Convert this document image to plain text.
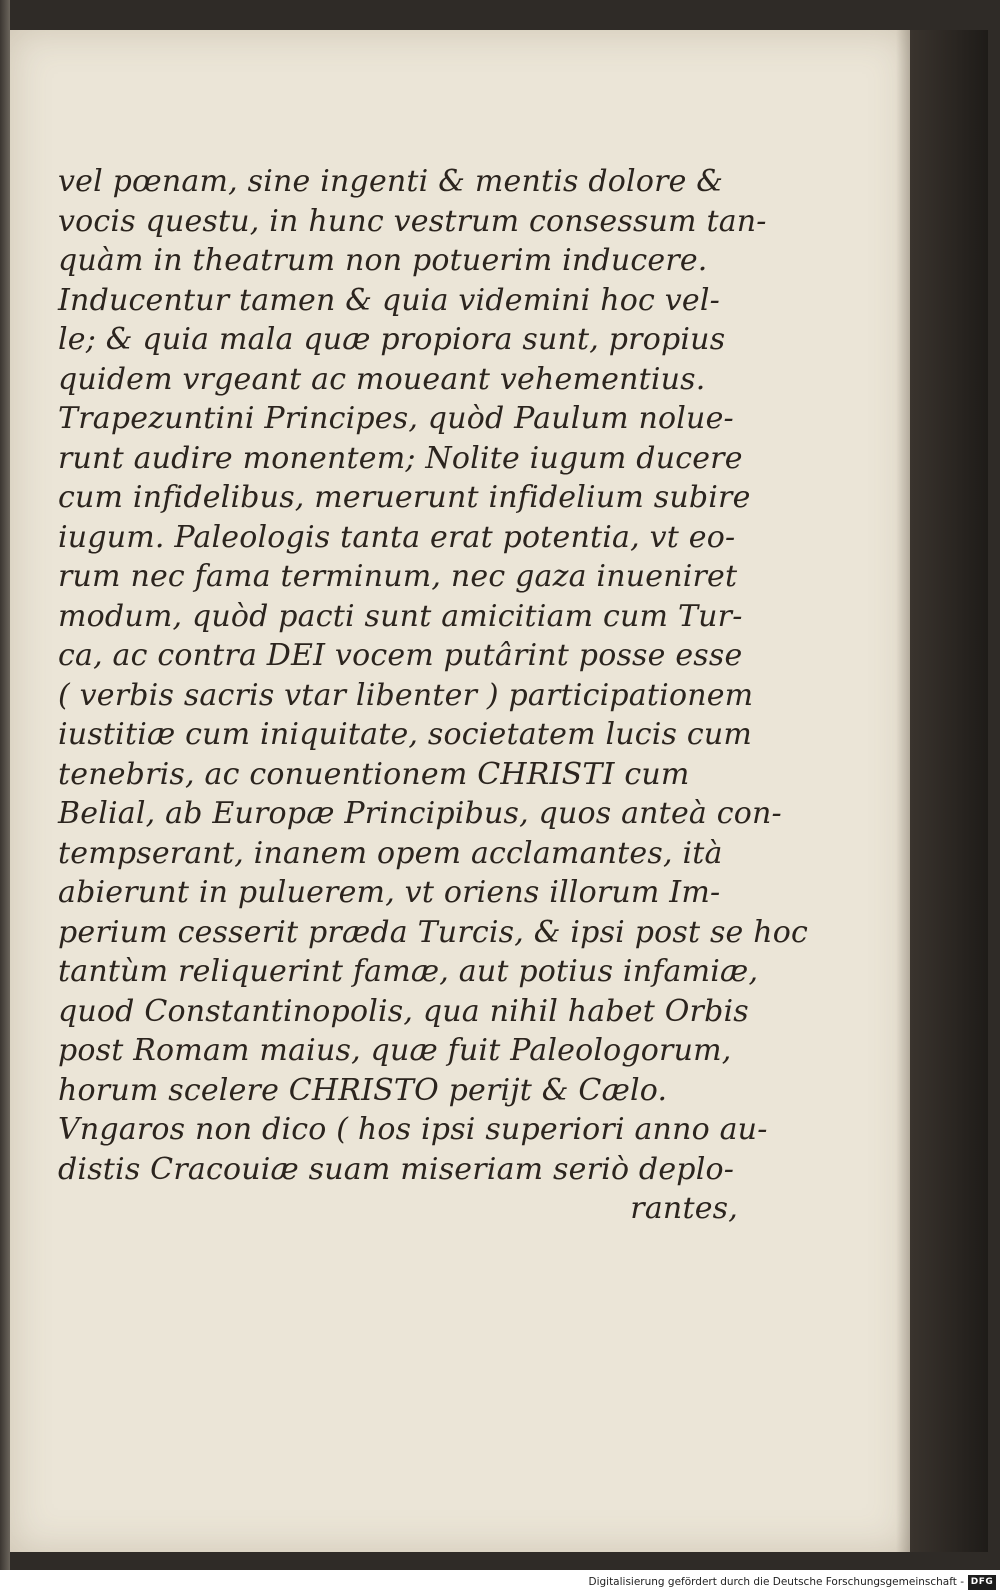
vel pœnam, sine ingenti & mentis dolore &
vocis questu, in hunc vestrum consessum tan-
quàm in theatrum non potuerim inducere.
Inducentur tamen & quia videmini hoc vel-
le; & quia mala quæ propiora sunt, propius
quidem vrgeant ac moueant vehementius.
Trapezuntini Principes, quòd Paulum nolue-
runt audire monentem; Nolite iugum ducere
cum infidelibus, meruerunt infidelium subire
iugum. Paleologis tanta erat potentia, vt eo-
rum nec fama terminum, nec gaza inueniret
modum, quòd pacti sunt amicitiam cum Tur-
ca, ac contra DEI vocem putârint posse esse
( verbis sacris vtar libenter ) participationem
iustitiæ cum iniquitate, societatem lucis cum
tenebris, ac conuentionem CHRISTI cum
Belial, ab Europæ Principibus, quos anteà con-
tempserant, inanem opem acclamantes, ità
abierunt in puluerem, vt oriens illorum Im-
perium cesserit præda Turcis, & ipsi post se hoc
tantùm reliquerint famæ, aut potius infamiæ,
quod Constantinopolis, qua nihil habet Orbis
post Romam maius, quæ fuit Paleologorum,
horum scelere CHRISTO perijt & Cælo.
Vngaros non dico ( hos ipsi superiori anno au-
distis Cracouiæ suam miseriam seriò deplo-
rantes,
Digitalisierung gefördert durch die Deutsche Forschungsgemeinschaft - DFG
